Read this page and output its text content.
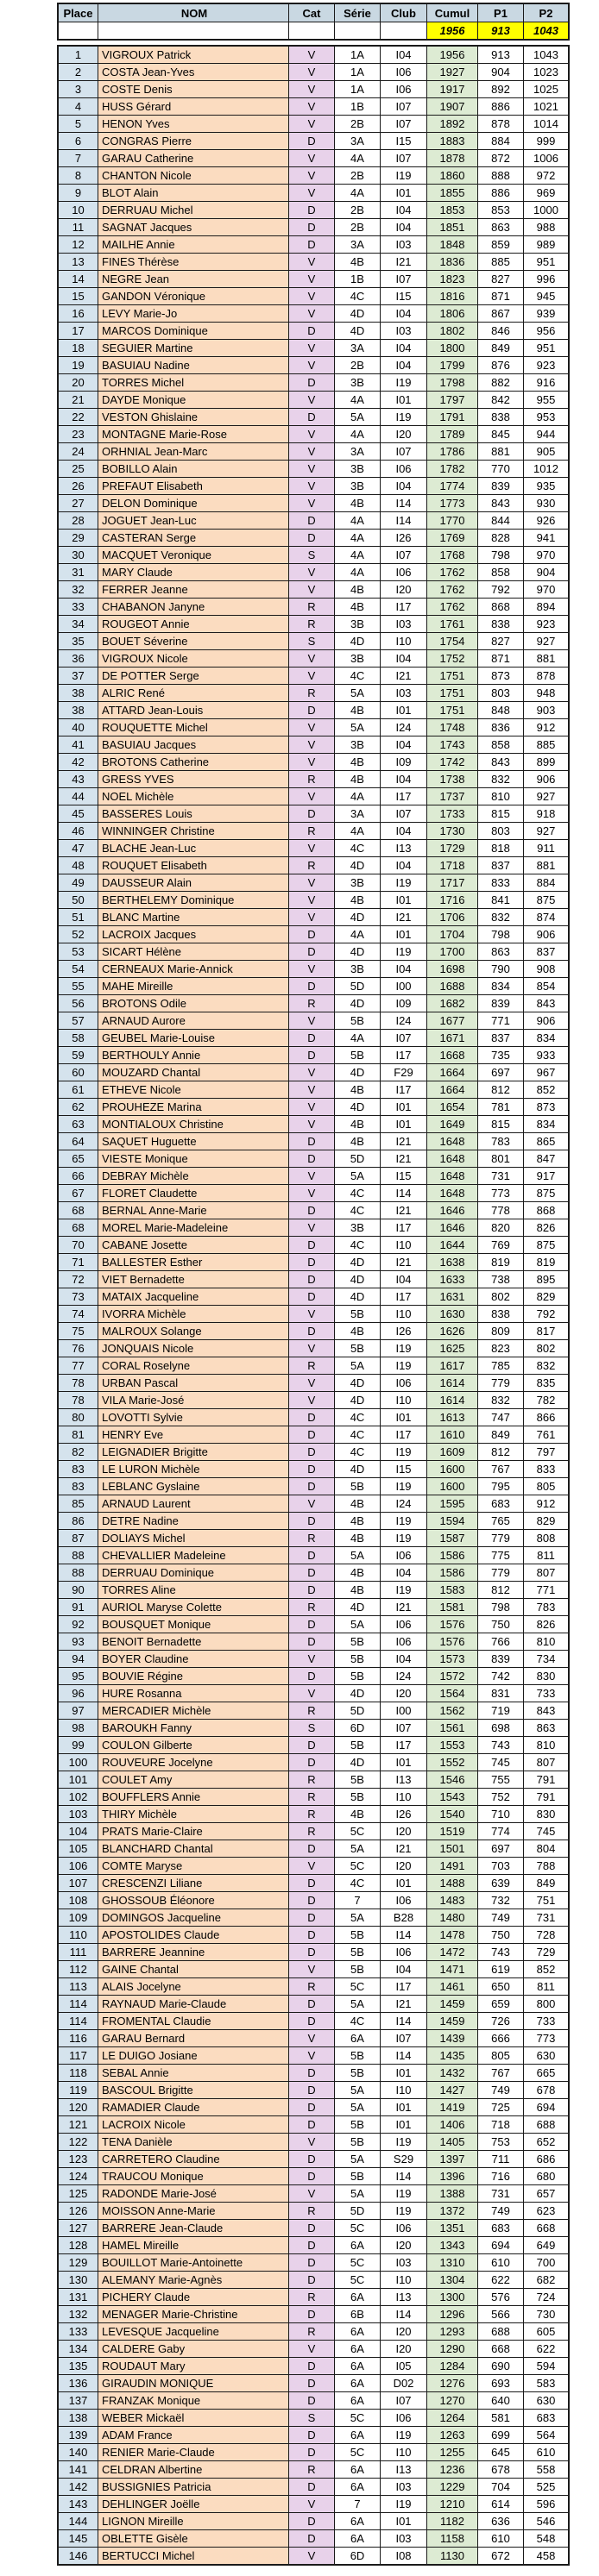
Place	NOM	Cat	Série	Club	Cumul	P1	P2
					1956	913	1043
1	VIGROUX Patrick	V	1A	I04	1956	913	1043
2	COSTA Jean-Yves	V	1A	I06	1927	904	1023
3	COSTE Denis	V	1A	I06	1917	892	1025
4	HUSS Gérard	V	1B	I07	1907	886	1021
5	HENON Yves	V	2B	I07	1892	878	1014
6	CONGRAS Pierre	D	3A	I15	1883	884	999
7	GARAU Catherine	V	4A	I07	1878	872	1006
8	CHANTON Nicole	V	2B	I19	1860	888	972
9	BLOT Alain	V	4A	I01	1855	886	969
10	DERRUAU Michel	D	2B	I04	1853	853	1000
11	SAGNAT Jacques	D	2B	I04	1851	863	988
12	MAILHE Annie	D	3A	I03	1848	859	989
13	FINES Thérèse	V	4B	I21	1836	885	951
14	NEGRE Jean	V	1B	I07	1823	827	996
15	GANDON Véronique	V	4C	I15	1816	871	945
16	LEVY Marie-Jo	V	4D	I04	1806	867	939
17	MARCOS Dominique	D	4D	I03	1802	846	956
18	SEGUIER Martine	V	3A	I04	1800	849	951
19	BASUIAU Nadine	V	2B	I04	1799	876	923
20	TORRES Michel	D	3B	I19	1798	882	916
21	DAYDE Monique	V	4A	I01	1797	842	955
22	VESTON Ghislaine	D	5A	I19	1791	838	953
23	MONTAGNE Marie-Rose	V	4A	I20	1789	845	944
24	ORHNIAL Jean-Marc	V	3A	I07	1786	881	905
25	BOBILLO Alain	V	3B	I06	1782	770	1012
26	PREFAUT Elisabeth	V	3B	I04	1774	839	935
27	DELON Dominique	V	4B	I14	1773	843	930
28	JOGUET Jean-Luc	D	4A	I14	1770	844	926
29	CASTERAN Serge	D	4A	I26	1769	828	941
30	MACQUET Veronique	S	4A	I07	1768	798	970
31	MARY Claude	V	4A	I06	1762	858	904
32	FERRER Jeanne	V	4B	I20	1762	792	970
33	CHABANON Janyne	R	4B	I17	1762	868	894
34	ROUGEOT Annie	R	3B	I03	1761	838	923
35	BOUET Séverine	S	4D	I10	1754	827	927
36	VIGROUX Nicole	V	3B	I04	1752	871	881
37	DE POTTER Serge	V	4C	I21	1751	873	878
38	ALRIC René	R	5A	I03	1751	803	948
38	ATTARD Jean-Louis	D	4B	I01	1751	848	903
40	ROUQUETTE Michel	V	5A	I24	1748	836	912
41	BASUIAU Jacques	V	3B	I04	1743	858	885
42	BROTONS Catherine	V	4B	I09	1742	843	899
43	GRESS YVES	R	4B	I04	1738	832	906
44	NOEL Michèle	V	4A	I17	1737	810	927
45	BASSERES Louis	D	3A	I07	1733	815	918
46	WINNINGER Christine	R	4A	I04	1730	803	927
47	BLACHE Jean-Luc	V	4C	I13	1729	818	911
48	ROUQUET Elisabeth	R	4D	I04	1718	837	881
49	DAUSSEUR Alain	V	3B	I19	1717	833	884
50	BERTHELEMY Dominique	V	4B	I01	1716	841	875
51	BLANC Martine	V	4D	I21	1706	832	874
52	LACROIX Jacques	D	4A	I01	1704	798	906
53	SICART Hélène	D	4D	I19	1700	863	837
54	CERNEAUX Marie-Annick	V	3B	I04	1698	790	908
55	MAHE Mireille	D	5D	I00	1688	834	854
56	BROTONS Odile	R	4D	I09	1682	839	843
57	ARNAUD Aurore	V	5B	I24	1677	771	906
58	GEUBEL Marie-Louise	D	4A	I07	1671	837	834
59	BERTHOULY Annie	D	5B	I17	1668	735	933
60	MOUZARD Chantal	V	4D	F29	1664	697	967
61	ETHEVE Nicole	V	4B	I17	1664	812	852
62	PROUHEZE Marina	V	4D	I01	1654	781	873
63	MONTIALOUX Christine	V	4B	I01	1649	815	834
64	SAQUET Huguette	D	4B	I21	1648	783	865
65	VIESTE Monique	D	5D	I21	1648	801	847
66	DEBRAY Michèle	V	5A	I15	1648	731	917
67	FLORET Claudette	V	4C	I14	1648	773	875
68	BERNAL Anne-Marie	D	4C	I21	1646	778	868
68	MOREL Marie-Madeleine	V	3B	I17	1646	820	826
70	CABANE Josette	D	4C	I10	1644	769	875
71	BALLESTER Esther	D	4D	I21	1638	819	819
72	VIET Bernadette	D	4D	I04	1633	738	895
73	MATAIX Jacqueline	D	4D	I17	1631	802	829
74	IVORRA Michèle	V	5B	I10	1630	838	792
75	MALROUX Solange	D	4B	I26	1626	809	817
76	JONQUAIS Nicole	V	5B	I19	1625	823	802
77	CORAL Roselyne	R	5A	I19	1617	785	832
78	URBAN Pascal	V	4D	I06	1614	779	835
78	VILA Marie-José	V	4D	I10	1614	832	782
80	LOVOTTI Sylvie	D	4C	I01	1613	747	866
81	HENRY Eve	D	4C	I17	1610	849	761
82	LEIGNADIER Brigitte	D	4C	I19	1609	812	797
83	LE LURON Michèle	D	4D	I15	1600	767	833
83	LEBLANC Gyslaine	D	5B	I19	1600	795	805
85	ARNAUD Laurent	V	4B	I24	1595	683	912
86	DETRE Nadine	D	4B	I19	1594	765	829
87	DOLIAYS Michel	R	4B	I19	1587	779	808
88	CHEVALLIER Madeleine	D	5A	I06	1586	775	811
88	DERRUAU Dominique	D	4B	I04	1586	779	807
90	TORRES Aline	D	4B	I19	1583	812	771
91	AURIOL Maryse Colette	R	4D	I21	1581	798	783
92	BOUSQUET Monique	D	5A	I06	1576	750	826
93	BENOIT Bernadette	D	5B	I06	1576	766	810
94	BOYER Claudine	V	5B	I04	1573	839	734
95	BOUVIE Régine	D	5B	I24	1572	742	830
96	HURE Rosanna	V	4D	I20	1564	831	733
97	MERCADIER Michèle	R	5D	I00	1562	719	843
98	BAROUKH Fanny	S	6D	I07	1561	698	863
99	COULON Gilberte	D	5B	I17	1553	743	810
100	ROUVEURE Jocelyne	D	4D	I01	1552	745	807
101	COULET Amy	R	5B	I13	1546	755	791
102	BOUFFLERS Annie	R	5B	I10	1543	752	791
103	THIRY Michèle	R	4B	I26	1540	710	830
104	PRATS Marie-Claire	R	5C	I20	1519	774	745
105	BLANCHARD Chantal	D	5A	I21	1501	697	804
106	COMTE Maryse	V	5C	I20	1491	703	788
107	CRESCENZI Liliane	D	4C	I01	1488	639	849
108	GHOSSOUB Éléonore	D	7	I06	1483	732	751
109	DOMINGOS Jacqueline	D	5A	B28	1480	749	731
110	APOSTOLIDES Claude	D	5B	I14	1478	750	728
111	BARRERE Jeannine	D	5B	I06	1472	743	729
112	GAINE Chantal	V	5B	I04	1471	619	852
113	ALAIS Jocelyne	R	5C	I17	1461	650	811
114	RAYNAUD Marie-Claude	D	5A	I21	1459	659	800
114	FROMENTAL Claudie	D	4C	I14	1459	726	733
116	GARAU Bernard	V	6A	I07	1439	666	773
117	LE DUIGO Josiane	V	5B	I14	1435	805	630
118	SEBAL Annie	D	5B	I01	1432	767	665
119	BASCOUL Brigitte	D	5A	I10	1427	749	678
120	RAMADIER Claude	D	5A	I01	1419	725	694
121	LACROIX Nicole	D	5B	I01	1406	718	688
122	TENA Danièle	V	5B	I19	1405	753	652
123	CARRETERO Claudine	D	5A	S29	1397	711	686
124	TRAUCOU Monique	D	5B	I14	1396	716	680
125	RADONDE Marie-José	V	5A	I19	1388	731	657
126	MOISSON Anne-Marie	R	5D	I19	1372	749	623
127	BARRERE Jean-Claude	D	5C	I06	1351	683	668
128	HAMEL Mireille	D	6A	I20	1343	694	649
129	BOUILLOT Marie-Antoinette	D	5C	I03	1310	610	700
130	ALEMANY Marie-Agnès	D	5C	I10	1304	622	682
131	PICHERY Claude	R	6A	I13	1300	576	724
132	MENAGER Marie-Christine	D	6B	I14	1296	566	730
133	LEVESQUE Jacqueline	R	6A	I20	1293	688	605
134	CALDERE Gaby	V	6A	I20	1290	668	622
135	ROUDAUT Mary	D	6A	I05	1284	690	594
136	GIRAUDIN MONIQUE	D	6A	D02	1276	693	583
137	FRANZAK Monique	D	6A	I07	1270	640	630
138	WEBER Mickaël	S	5C	I06	1264	581	683
139	ADAM France	D	6A	I19	1263	699	564
140	RENIER Marie-Claude	D	5C	I10	1255	645	610
141	CELDRAN Albertine	R	6A	I13	1236	678	558
142	BUSSIGNIES Patricia	D	6A	I03	1229	704	525
143	DEHLINGER Joëlle	V	7	I19	1210	614	596
144	LIGNON Mireille	D	6A	I01	1182	636	546
145	OBLETTE Gisèle	D	6A	I03	1158	610	548
146	BERTUCCI Michel	V	6D	I08	1130	672	458
